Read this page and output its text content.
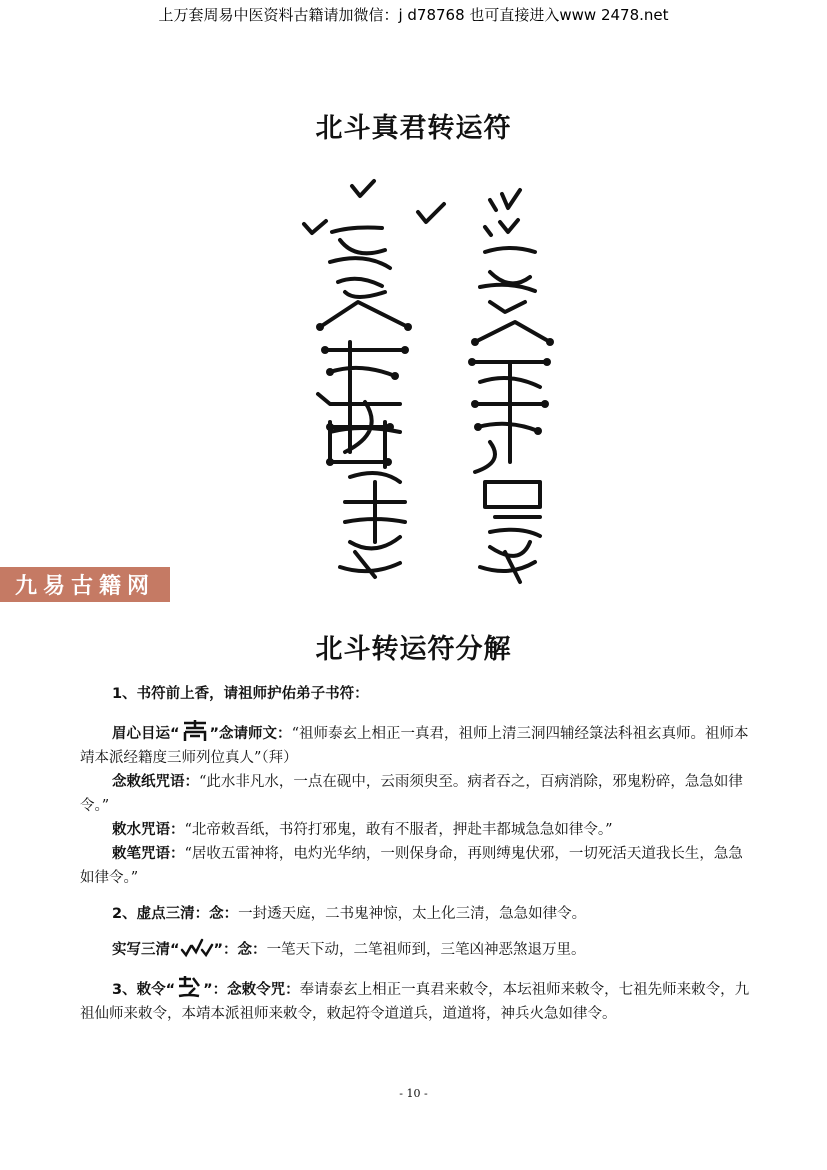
上万套周易中医资料古籍请加微信：j d78768 也可直接进入www 2478.net
北斗真君转运符
九易古籍网
北斗转运符分解

1、书符前上香，请祖师护佑弟子书符：

眉心目运“ ”念请师文：“祖师泰玄上相正一真君，祖师上清三洞四辅经箓法科祖玄真师。祖师本靖本派经籍度三师列位真人”（拜）

念敕纸咒语：“此水非凡水，一点在砚中，云雨须臾至。病者吞之，百病消除，邪鬼粉碎，急急如律令。”

敕水咒语：“北帝敕吾纸，书符打邪鬼，敢有不服者，押赴丰都城急急如律令。”

敕笔咒语：“居收五雷神将，电灼光华纳，一则保身命，再则缚鬼伏邪，一切死活天道我长生，急急如律令。”

2、虚点三清：念：一封透天庭，二书鬼神惊，太上化三清，急急如律令。

实写三清“ ”：念：一笔天下动，二笔祖师到，三笔凶神恶煞退万里。

3、敕令“ ”：念敕令咒：奉请泰玄上相正一真君来敕令，本坛祖师来敕令，七祖先师来敕令，九祖仙师来敕令，本靖本派祖师来敕令，敕起符令道道兵，道道将，神兵火急如律令。

- 10 -
